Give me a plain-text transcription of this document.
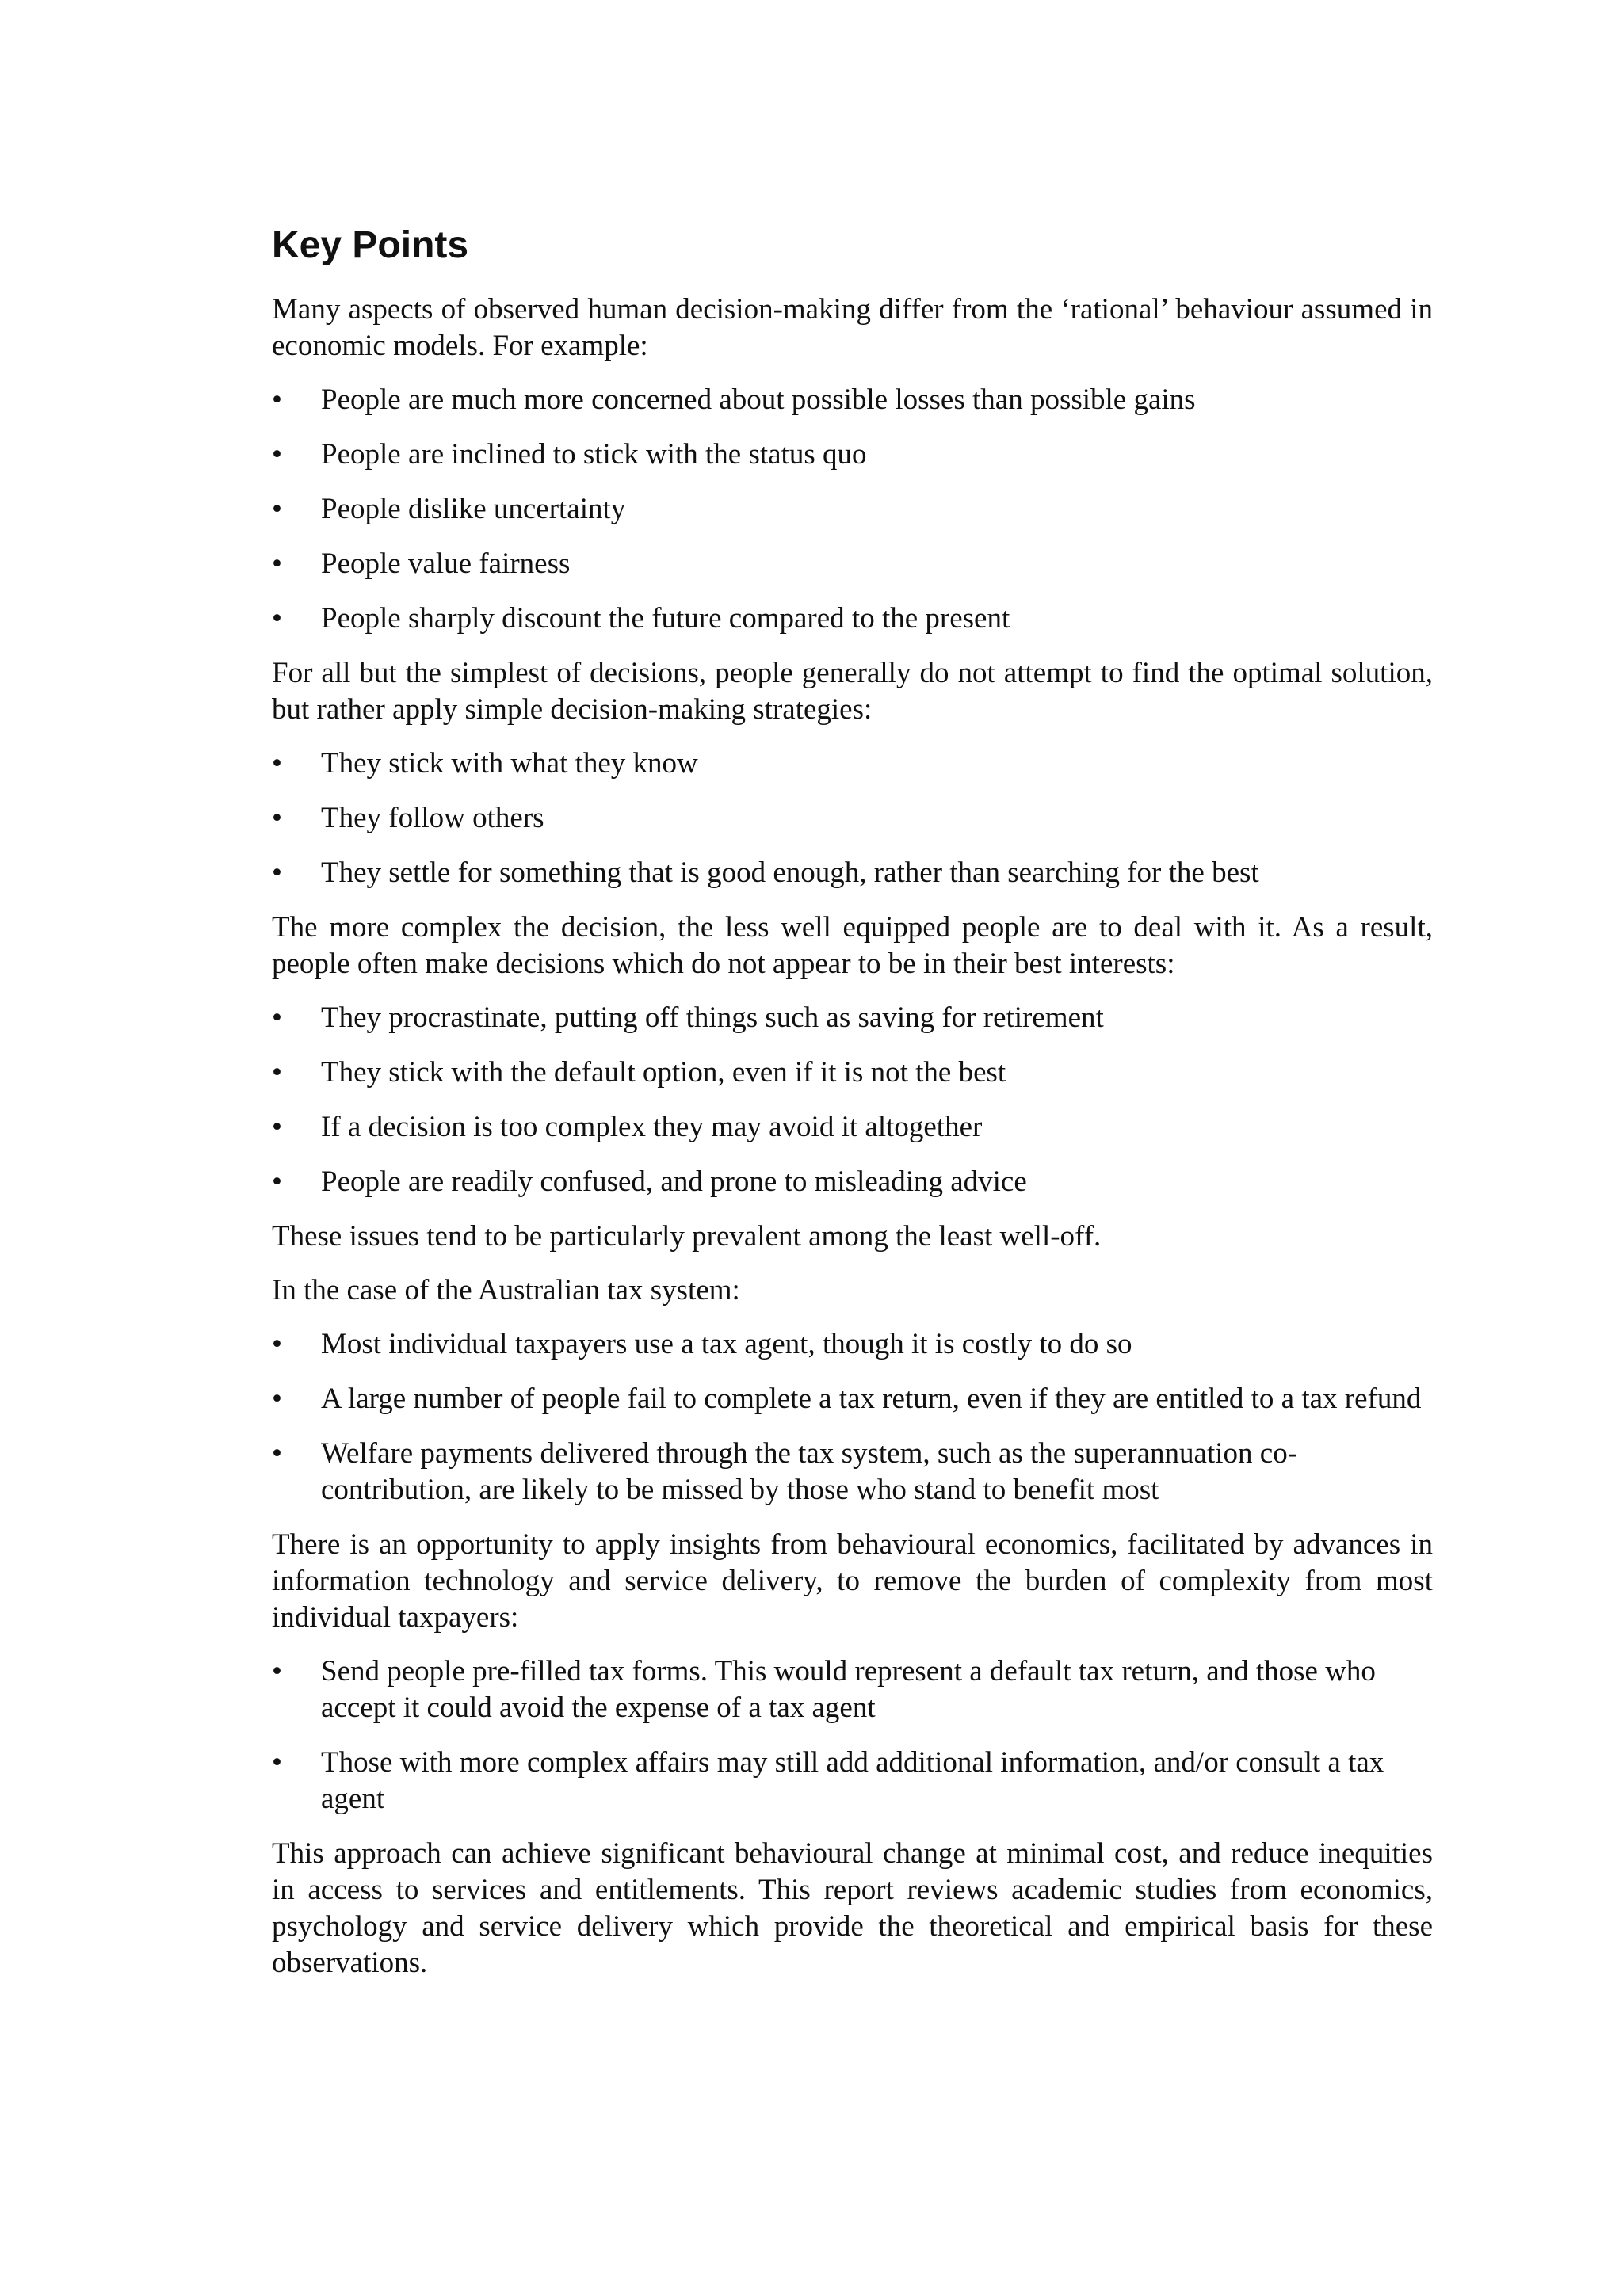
Key Points

Many aspects of observed human decision-making differ from the ‘rational’ behaviour assumed in economic models. For example:

•	People are much more concerned about possible losses than possible gains
•	People are inclined to stick with the status quo
•	People dislike uncertainty
•	People value fairness
•	People sharply discount the future compared to the present

For all but the simplest of decisions, people generally do not attempt to find the optimal solution, but rather apply simple decision-making strategies:

•	They stick with what they know
•	They follow others
•	They settle for something that is good enough, rather than searching for the best

The more complex the decision, the less well equipped people are to deal with it. As a result, people often make decisions which do not appear to be in their best interests:

•	They procrastinate, putting off things such as saving for retirement
•	They stick with the default option, even if it is not the best
•	If a decision is too complex they may avoid it altogether
•	People are readily confused, and prone to misleading advice

These issues tend to be particularly prevalent among the least well-off.

In the case of the Australian tax system:

•	Most individual taxpayers use a tax agent, though it is costly to do so
•	A large number of people fail to complete a tax return, even if they are entitled to a tax refund
•	Welfare payments delivered through the tax system, such as the superannuation co-contribution, are likely to be missed by those who stand to benefit most

There is an opportunity to apply insights from behavioural economics, facilitated by advances in information technology and service delivery, to remove the burden of complexity from most individual taxpayers:

•	Send people pre-filled tax forms. This would represent a default tax return, and those who accept it could avoid the expense of a tax agent
•	Those with more complex affairs may still add additional information, and/or consult a tax agent

This approach can achieve significant behavioural change at minimal cost, and reduce inequities in access to services and entitlements. This report reviews academic studies from economics, psychology and service delivery which provide the theoretical and empirical basis for these observations.
